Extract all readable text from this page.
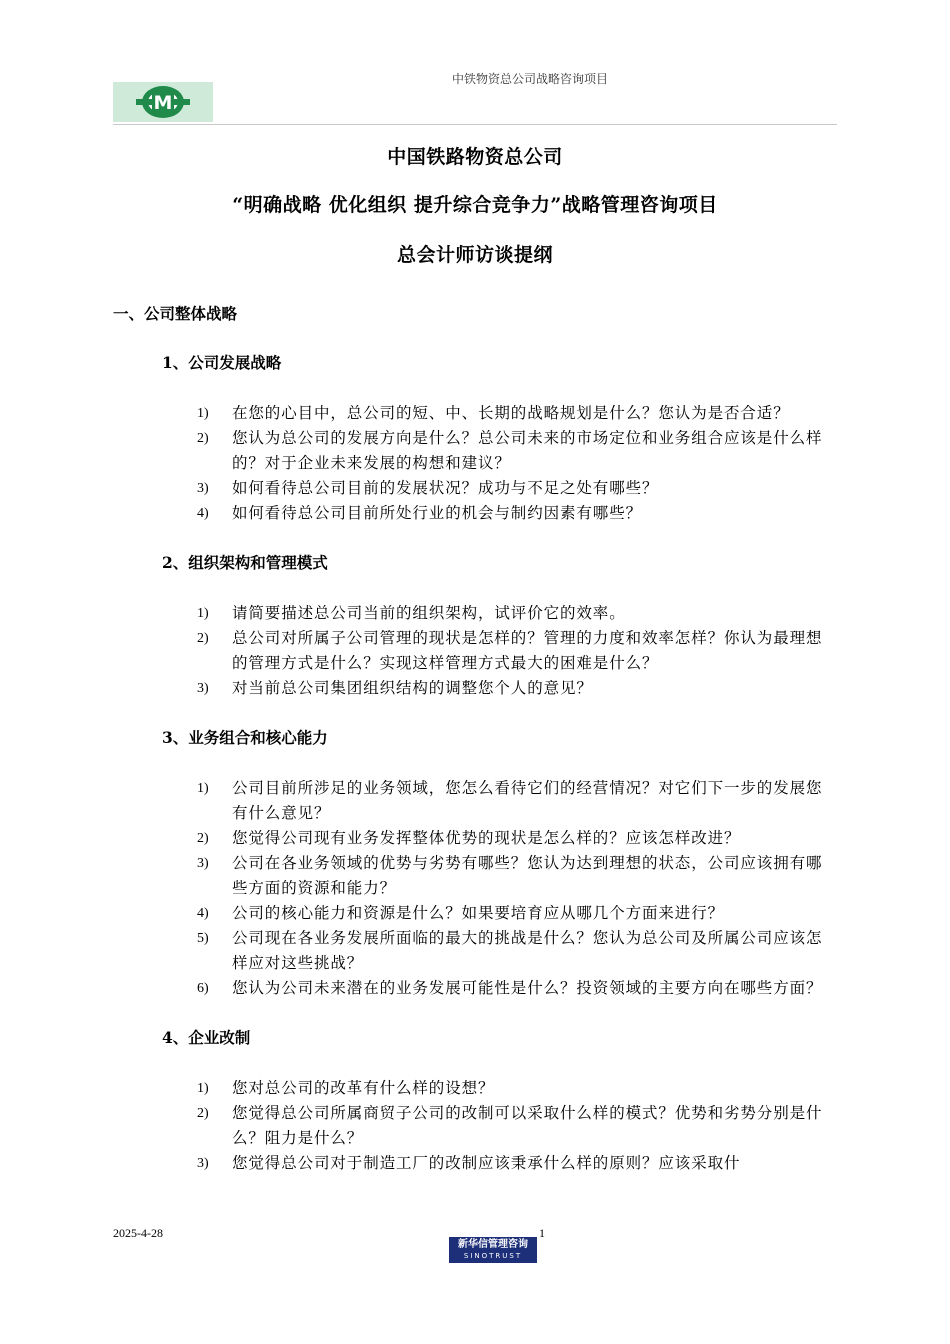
M
中铁物资总公司战略咨询项目
中国铁路物资总公司
“明确战略 优化组织 提升综合竞争力”战略管理咨询项目
总会计师访谈提纲
一、公司整体战略
1、公司发展战略
1) 在您的心目中，总公司的短、中、长期的战略规划是什么？您认为是否合适？
2) 您认为总公司的发展方向是什么？总公司未来的市场定位和业务组合应该是什么样的？对于企业未来发展的构想和建议？
3) 如何看待总公司目前的发展状况？成功与不足之处有哪些？
4) 如何看待总公司目前所处行业的机会与制约因素有哪些？
2、组织架构和管理模式
1) 请简要描述总公司当前的组织架构，试评价它的效率。
2) 总公司对所属子公司管理的现状是怎样的？管理的力度和效率怎样？你认为最理想的管理方式是什么？实现这样管理方式最大的困难是什么？
3) 对当前总公司集团组织结构的调整您个人的意见？
3、业务组合和核心能力
1) 公司目前所涉足的业务领域，您怎么看待它们的经营情况？对它们下一步的发展您有什么意见？
2) 您觉得公司现有业务发挥整体优势的现状是怎么样的？应该怎样改进？
3) 公司在各业务领域的优势与劣势有哪些？您认为达到理想的状态，公司应该拥有哪些方面的资源和能力？
4) 公司的核心能力和资源是什么？如果要培育应从哪几个方面来进行？
5) 公司现在各业务发展所面临的最大的挑战是什么？您认为总公司及所属公司应该怎样应对这些挑战？
6) 您认为公司未来潜在的业务发展可能性是什么？投资领域的主要方向在哪些方面？
4、企业改制
1) 您对总公司的改革有什么样的设想？
2) 您觉得总公司所属商贸子公司的改制可以采取什么样的模式？优势和劣势分别是什么？阻力是什么？
3) 您觉得总公司对于制造工厂的改制应该秉承什么样的原则？应该采取什
2025-4-28	1
新华信管理咨询
SINOTRUST
